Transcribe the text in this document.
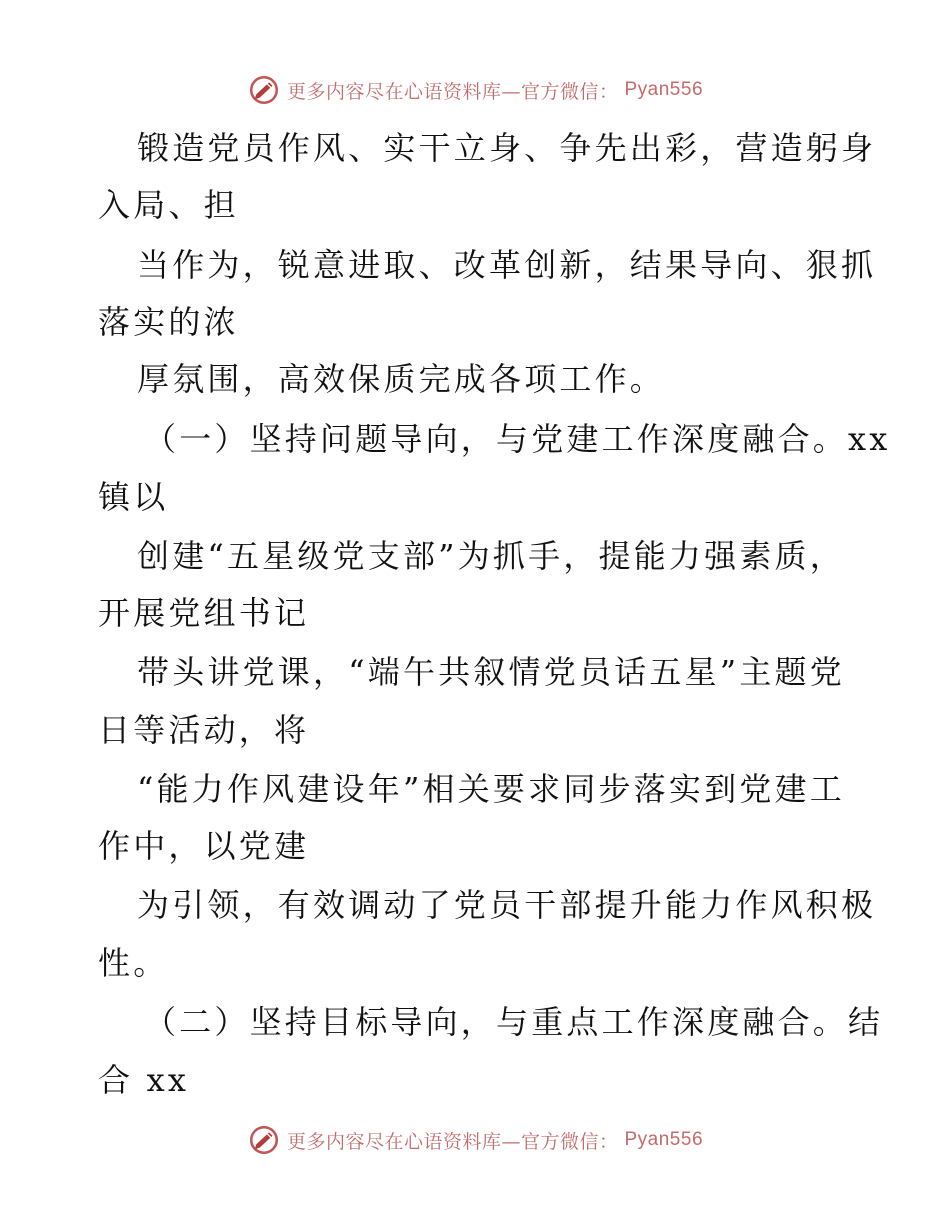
更多内容尽在心语资料库—官方微信： Pyan556
锻造党员作风、实干立身、争先出彩，营造躬身
入局、担
当作为，锐意进取、改革创新，结果导向、狠抓
落实的浓
厚氛围，高效保质完成各项工作。
（一）坚持问题导向，与党建工作深度融合。xx
镇以
创建“五星级党支部”为抓手，提能力强素质，
开展党组书记
带头讲党课，“端午共叙情党员话五星”主题党
日等活动，将
“能力作风建设年”相关要求同步落实到党建工
作中，以党建
为引领，有效调动了党员干部提升能力作风积极
性。
（二）坚持目标导向，与重点工作深度融合。结
合 xx
更多内容尽在心语资料库—官方微信： Pyan556
